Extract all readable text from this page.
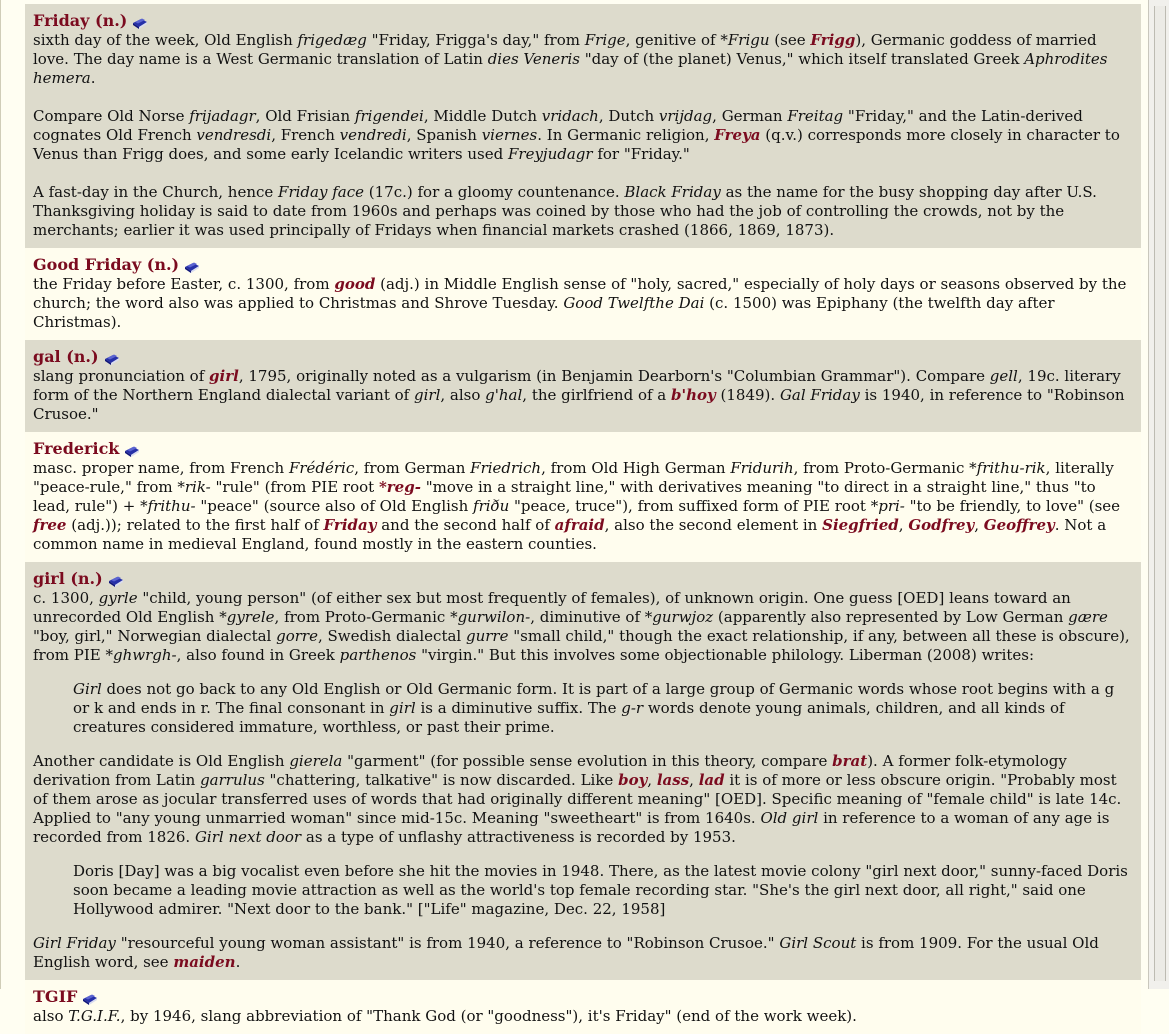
Friday (n.)

sixth day of the week, Old English frigedæg "Friday, Frigga's day," from Frige, genitive of *Frigu (see Frigg), Germanic goddess of married love. The day name is a West Germanic translation of Latin dies Veneris "day of (the planet) Venus," which itself translated Greek Aphrodites hemera.

Compare Old Norse frijadagr, Old Frisian frigendei, Middle Dutch vridach, Dutch vrijdag, German Freitag "Friday," and the Latin-derived cognates Old French vendresdi, French vendredi, Spanish viernes. In Germanic religion, Freya (q.v.) corresponds more closely in character to Venus than Frigg does, and some early Icelandic writers used Freyjudagr for "Friday."

A fast-day in the Church, hence Friday face (17c.) for a gloomy countenance. Black Friday as the name for the busy shopping day after U.S. Thanksgiving holiday is said to date from 1960s and perhaps was coined by those who had the job of controlling the crowds, not by the merchants; earlier it was used principally of Fridays when financial markets crashed (1866, 1869, 1873).

Good Friday (n.)

the Friday before Easter, c. 1300, from good (adj.) in Middle English sense of "holy, sacred," especially of holy days or seasons observed by the church; the word also was applied to Christmas and Shrove Tuesday. Good Twelfthe Dai (c. 1500) was Epiphany (the twelfth day after Christmas).

gal (n.)

slang pronunciation of girl, 1795, originally noted as a vulgarism (in Benjamin Dearborn's "Columbian Grammar"). Compare gell, 19c. literary form of the Northern England dialectal variant of girl, also g'hal, the girlfriend of a b'hoy (1849). Gal Friday is 1940, in reference to "Robinson Crusoe."

Frederick

masc. proper name, from French Frédéric, from German Friedrich, from Old High German Fridurih, from Proto-Germanic *frithu-rik, literally "peace-rule," from *rik- "rule" (from PIE root *reg- "move in a straight line," with derivatives meaning "to direct in a straight line," thus "to lead, rule") + *frithu- "peace" (source also of Old English friðu "peace, truce"), from suffixed form of PIE root *pri- "to be friendly, to love" (see free (adj.)); related to the first half of Friday and the second half of afraid, also the second element in Siegfried, Godfrey, Geoffrey. Not a common name in medieval England, found mostly in the eastern counties.

girl (n.)

c. 1300, gyrle "child, young person" (of either sex but most frequently of females), of unknown origin. One guess [OED] leans toward an unrecorded Old English *gyrele, from Proto-Germanic *gurwilon-, diminutive of *gurwjoz (apparently also represented by Low German gære "boy, girl," Norwegian dialectal gorre, Swedish dialectal gurre "small child," though the exact relationship, if any, between all these is obscure), from PIE *ghwrgh-, also found in Greek parthenos "virgin." But this involves some objectionable philology. Liberman (2008) writes:

Girl does not go back to any Old English or Old Germanic form. It is part of a large group of Germanic words whose root begins with a g or k and ends in r. The final consonant in girl is a diminutive suffix. The g-r words denote young animals, children, and all kinds of creatures considered immature, worthless, or past their prime.

Another candidate is Old English gierela "garment" (for possible sense evolution in this theory, compare brat). A former folk-etymology derivation from Latin garrulus "chattering, talkative" is now discarded. Like boy, lass, lad it is of more or less obscure origin. "Probably most of them arose as jocular transferred uses of words that had originally different meaning" [OED]. Specific meaning of "female child" is late 14c. Applied to "any young unmarried woman" since mid-15c. Meaning "sweetheart" is from 1640s. Old girl in reference to a woman of any age is recorded from 1826. Girl next door as a type of unflashy attractiveness is recorded by 1953.

Doris [Day] was a big vocalist even before she hit the movies in 1948. There, as the latest movie colony "girl next door," sunny-faced Doris soon became a leading movie attraction as well as the world's top female recording star. "She's the girl next door, all right," said one Hollywood admirer. "Next door to the bank." ["Life" magazine, Dec. 22, 1958]

Girl Friday "resourceful young woman assistant" is from 1940, a reference to "Robinson Crusoe." Girl Scout is from 1909. For the usual Old English word, see maiden.

TGIF

also T.G.I.F., by 1946, slang abbreviation of "Thank God (or "goodness"), it's Friday" (end of the work week).
